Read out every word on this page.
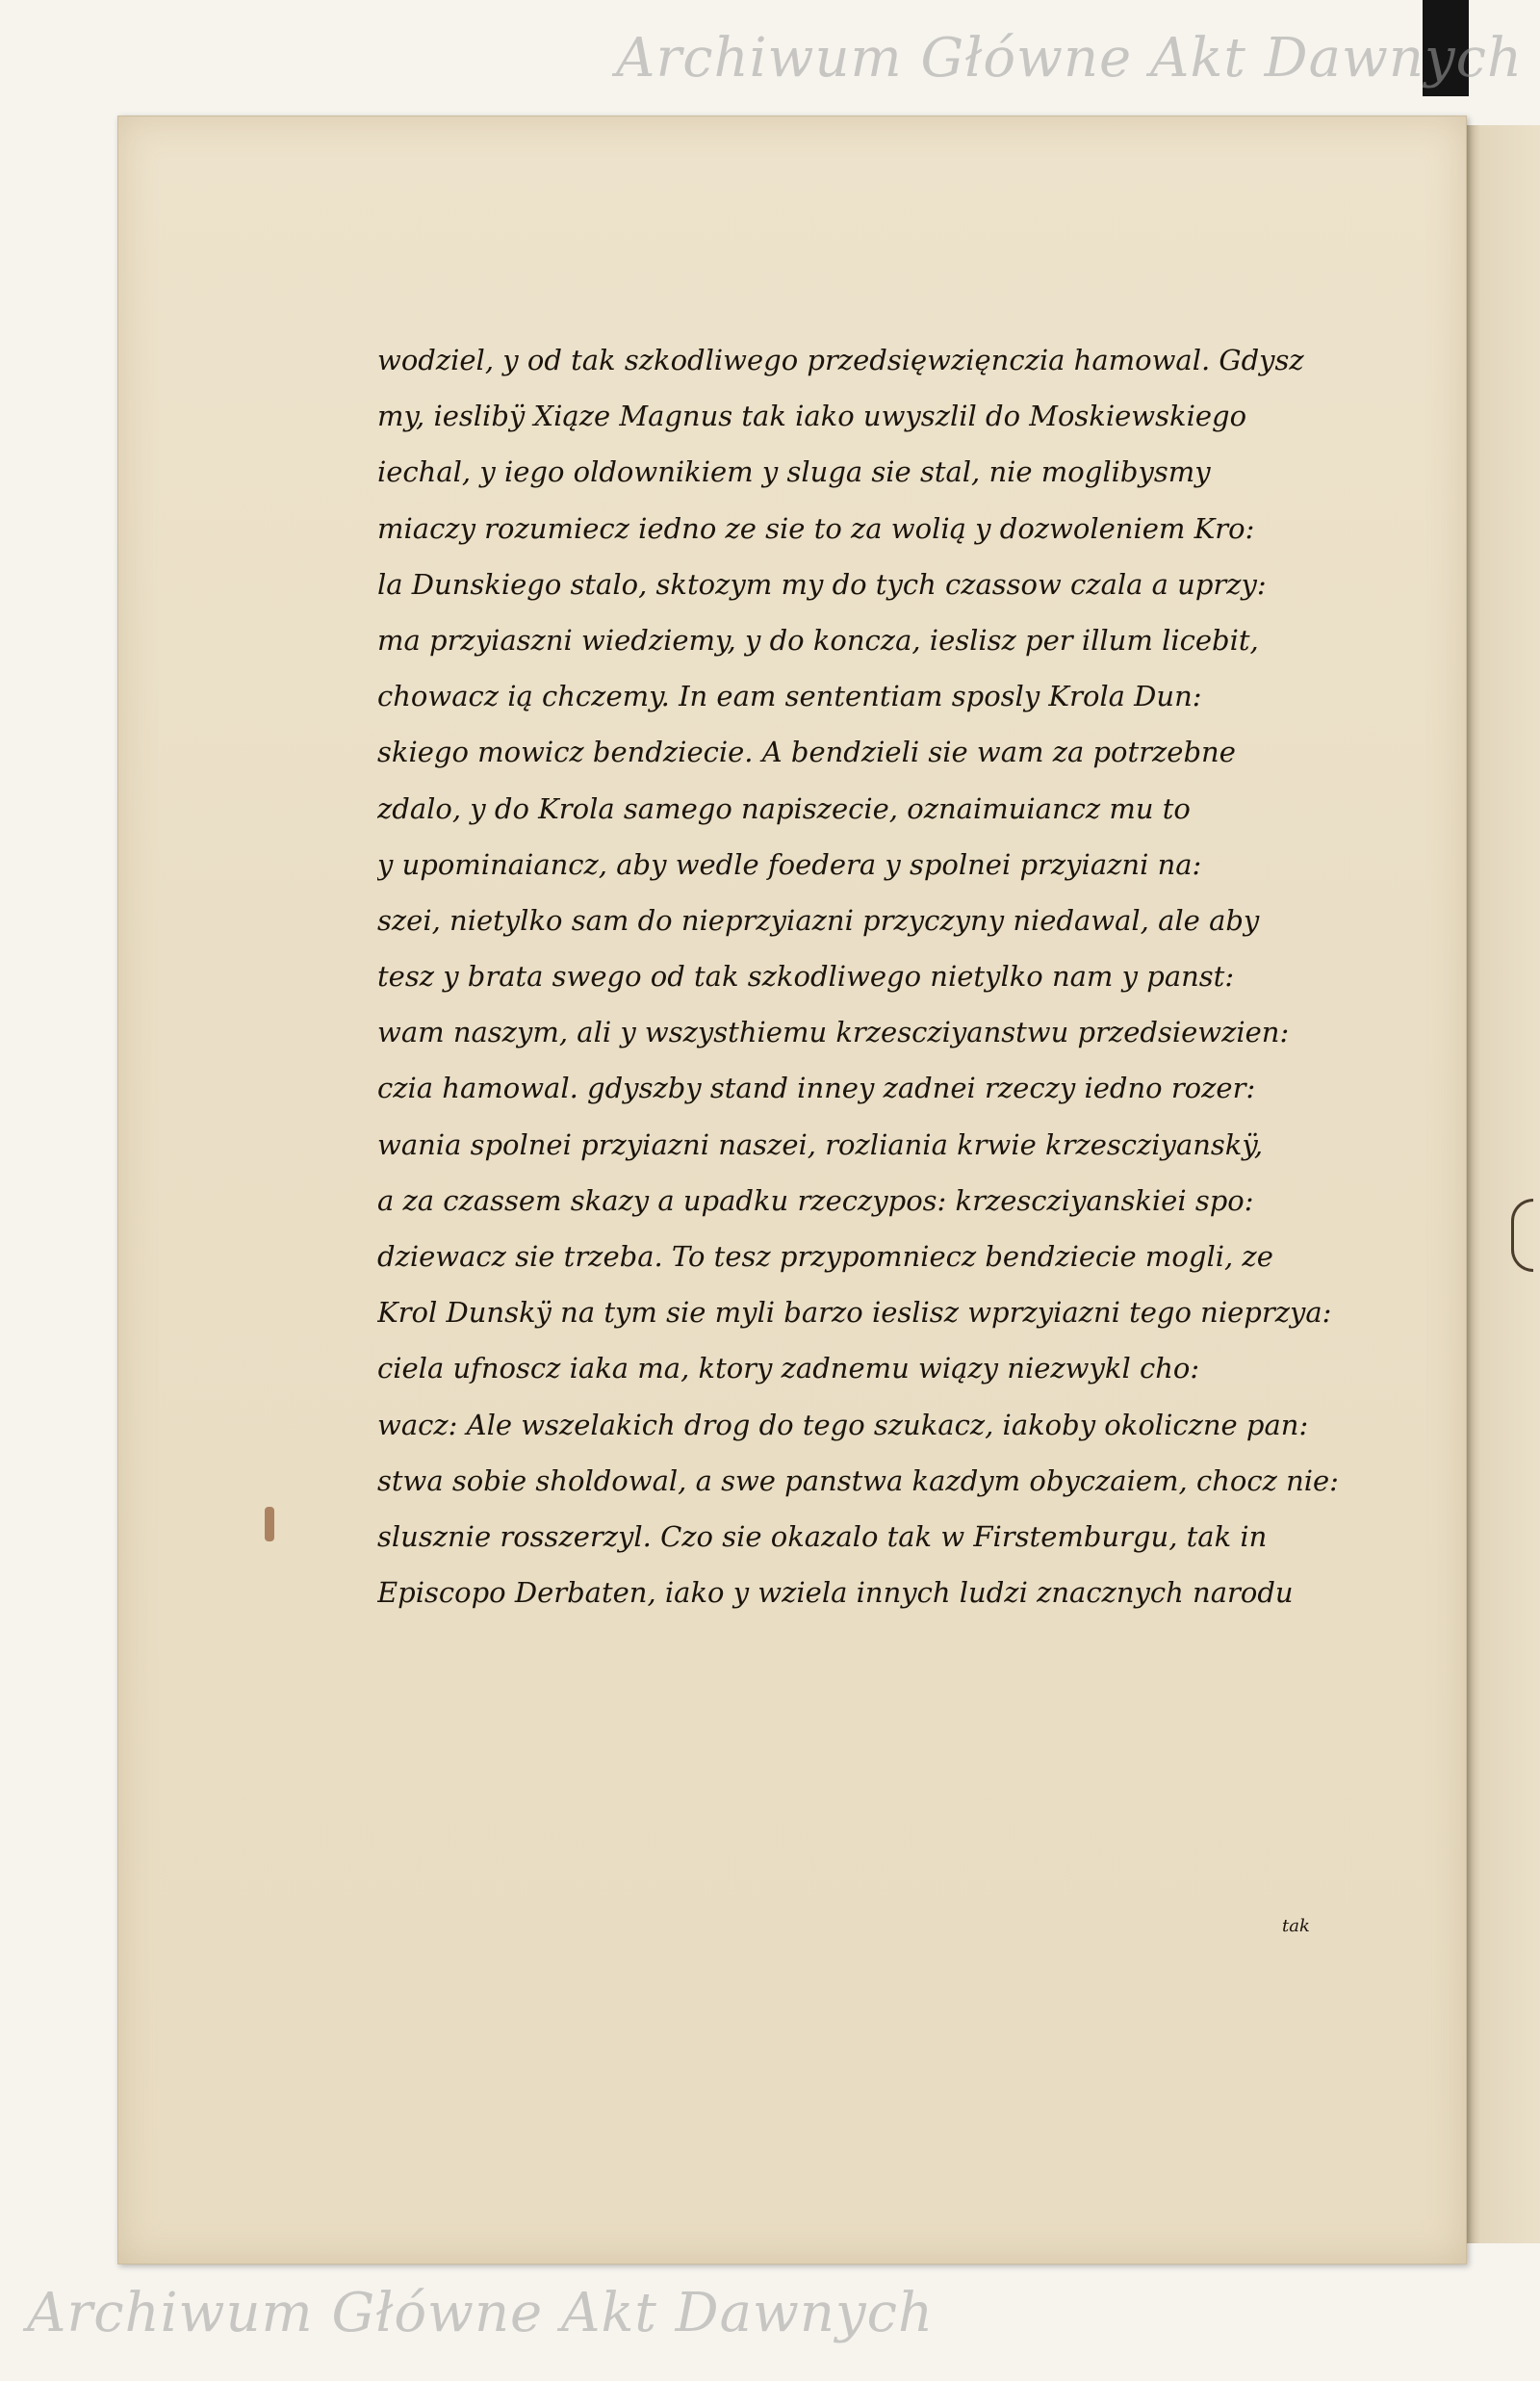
Archiwum Główne Akt Dawnych
wodziel, y od tak szkodliwego przedsięwzięnczia hamowal. Gdysz
my, ieslibÿ Xiąze Magnus tak iako uwyszlil do Moskiewskiego
iechal, y iego oldownikiem y sluga sie stal, nie moglibysmy
miaczy rozumiecz iedno ze sie to za wolią y dozwoleniem Kro:
la Dunskiego stalo, sktozym my do tych czassow czala a uprzy:
ma przyiaszni wiedziemy, y do koncza, ieslisz per illum licebit,
chowacz ią chczemy. In eam sententiam sposly Krola Dun:
skiego mowicz bendziecie. A bendzieli sie wam za potrzebne
zdalo, y do Krola samego napiszecie, oznaimuiancz mu to
y upominaiancz, aby wedle foedera y spolnei przyiazni na:
szei, nietylko sam do nieprzyiazni przyczyny niedawal, ale aby
tesz y brata swego od tak szkodliwego nietylko nam y panst:
wam naszym, ali y wszysthiemu krzescziyanstwu przedsiewzien:
czia hamowal. gdyszby stand inney zadnei rzeczy iedno rozer:
wania spolnei przyiazni naszei, rozliania krwie krzescziyanskÿ,
a za czassem skazy a upadku rzeczypos: krzescziyanskiei spo:
dziewacz sie trzeba. To tesz przypomniecz bendziecie mogli, ze
Krol Dunskÿ na tym sie myli barzo ieslisz wprzyiazni tego nieprzya:
ciela ufnoscz iaka ma, ktory zadnemu wiązy niezwykl cho:
wacz: Ale wszelakich drog do tego szukacz, iakoby okoliczne pan:
stwa sobie sholdowal, a swe panstwa kazdym obyczaiem, chocz nie:
slusznie rosszerzyl. Czo sie okazalo tak w Firstemburgu, tak in
Episcopo Derbaten, iako y wziela innych ludzi znacznych narodu
tak
Archiwum Główne Akt Dawnych
